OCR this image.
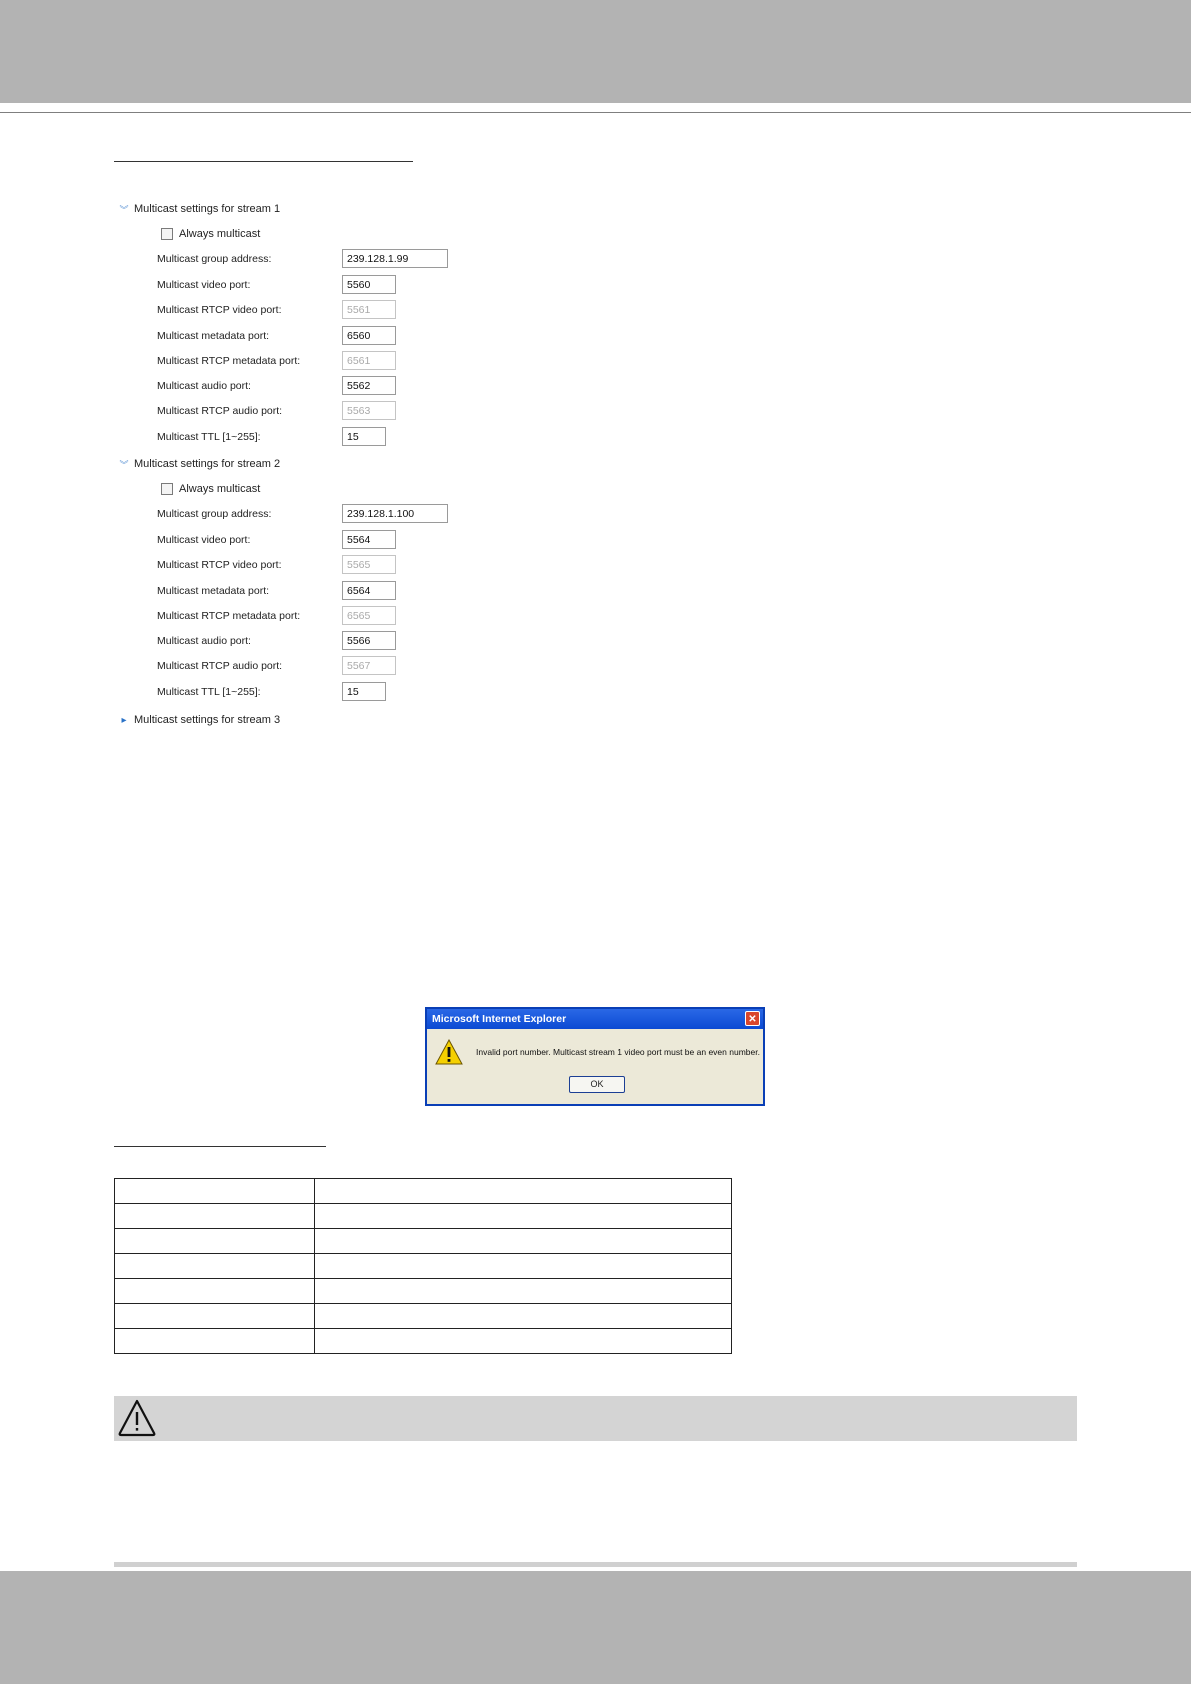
︾ Multicast settings for stream 1
Always multicast
Multicast group address:	239.128.1.99
Multicast video port:	5560
Multicast RTCP video port:	5561
Multicast metadata port:	6560
Multicast RTCP metadata port:	6561
Multicast audio port:	5562
Multicast RTCP audio port:	5563
Multicast TTL [1~255]:	15
︾ Multicast settings for stream 2
Always multicast
Multicast group address:	239.128.1.100
Multicast video port:	5564
Multicast RTCP video port:	5565
Multicast metadata port:	6564
Multicast RTCP metadata port:	6565
Multicast audio port:	5566
Multicast RTCP audio port:	5567
Multicast TTL [1~255]:	15
▸ Multicast settings for stream 3
Microsoft Internet Explorer	✕
Invalid port number. Multicast stream 1 video port must be an even number.
OK
